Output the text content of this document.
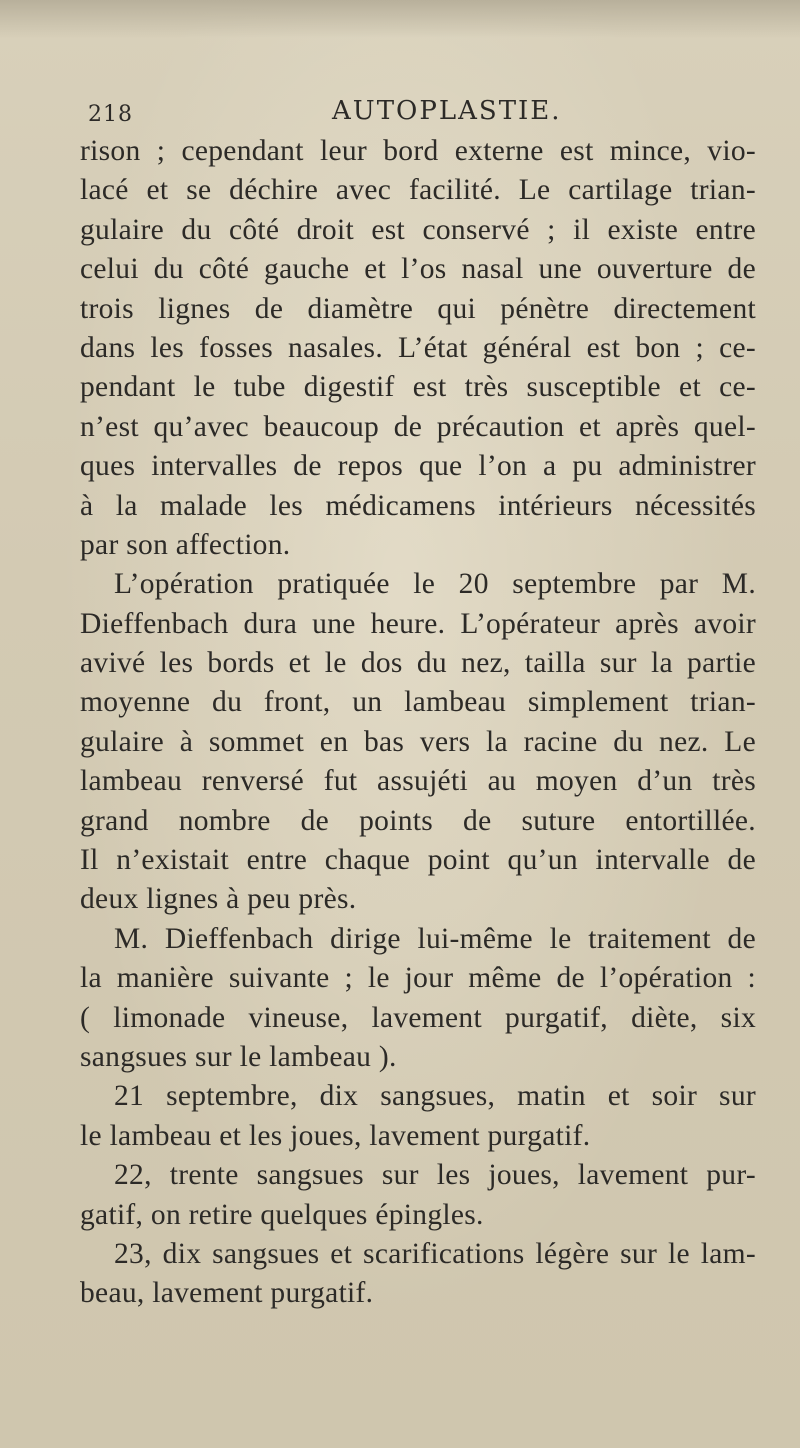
218	AUTOPLASTIE.
rison ; cependant leur bord externe est mince, vio-
lacé et se déchire avec facilité. Le cartilage trian-
gulaire du côté droit est conservé ; il existe entre
celui du côté gauche et l’os nasal une ouverture de
trois lignes de diamètre qui pénètre directement
dans les fosses nasales. L’état général est bon ; ce-
pendant le tube digestif est très susceptible et ce-
n’est qu’avec beaucoup de précaution et après quel-
ques intervalles de repos que l’on a pu administrer
à la malade les médicamens intérieurs nécessités
par son affection.
L’opération pratiquée le 20 septembre par M.
Dieffenbach dura une heure. L’opérateur après avoir
avivé les bords et le dos du nez, tailla sur la partie
moyenne du front, un lambeau simplement trian-
gulaire à sommet en bas vers la racine du nez. Le
lambeau renversé fut assujéti au moyen d’un très
grand nombre de points de suture entortillée.
Il n’existait entre chaque point qu’un intervalle de
deux lignes à peu près.
M. Dieffenbach dirige lui-même le traitement de
la manière suivante ; le jour même de l’opération :
( limonade vineuse, lavement purgatif, diète, six
sangsues sur le lambeau ).
21 septembre, dix sangsues, matin et soir sur
le lambeau et les joues, lavement purgatif.
22, trente sangsues sur les joues, lavement pur-
gatif, on retire quelques épingles.
23, dix sangsues et scarifications légère sur le lam-
beau, lavement purgatif.
